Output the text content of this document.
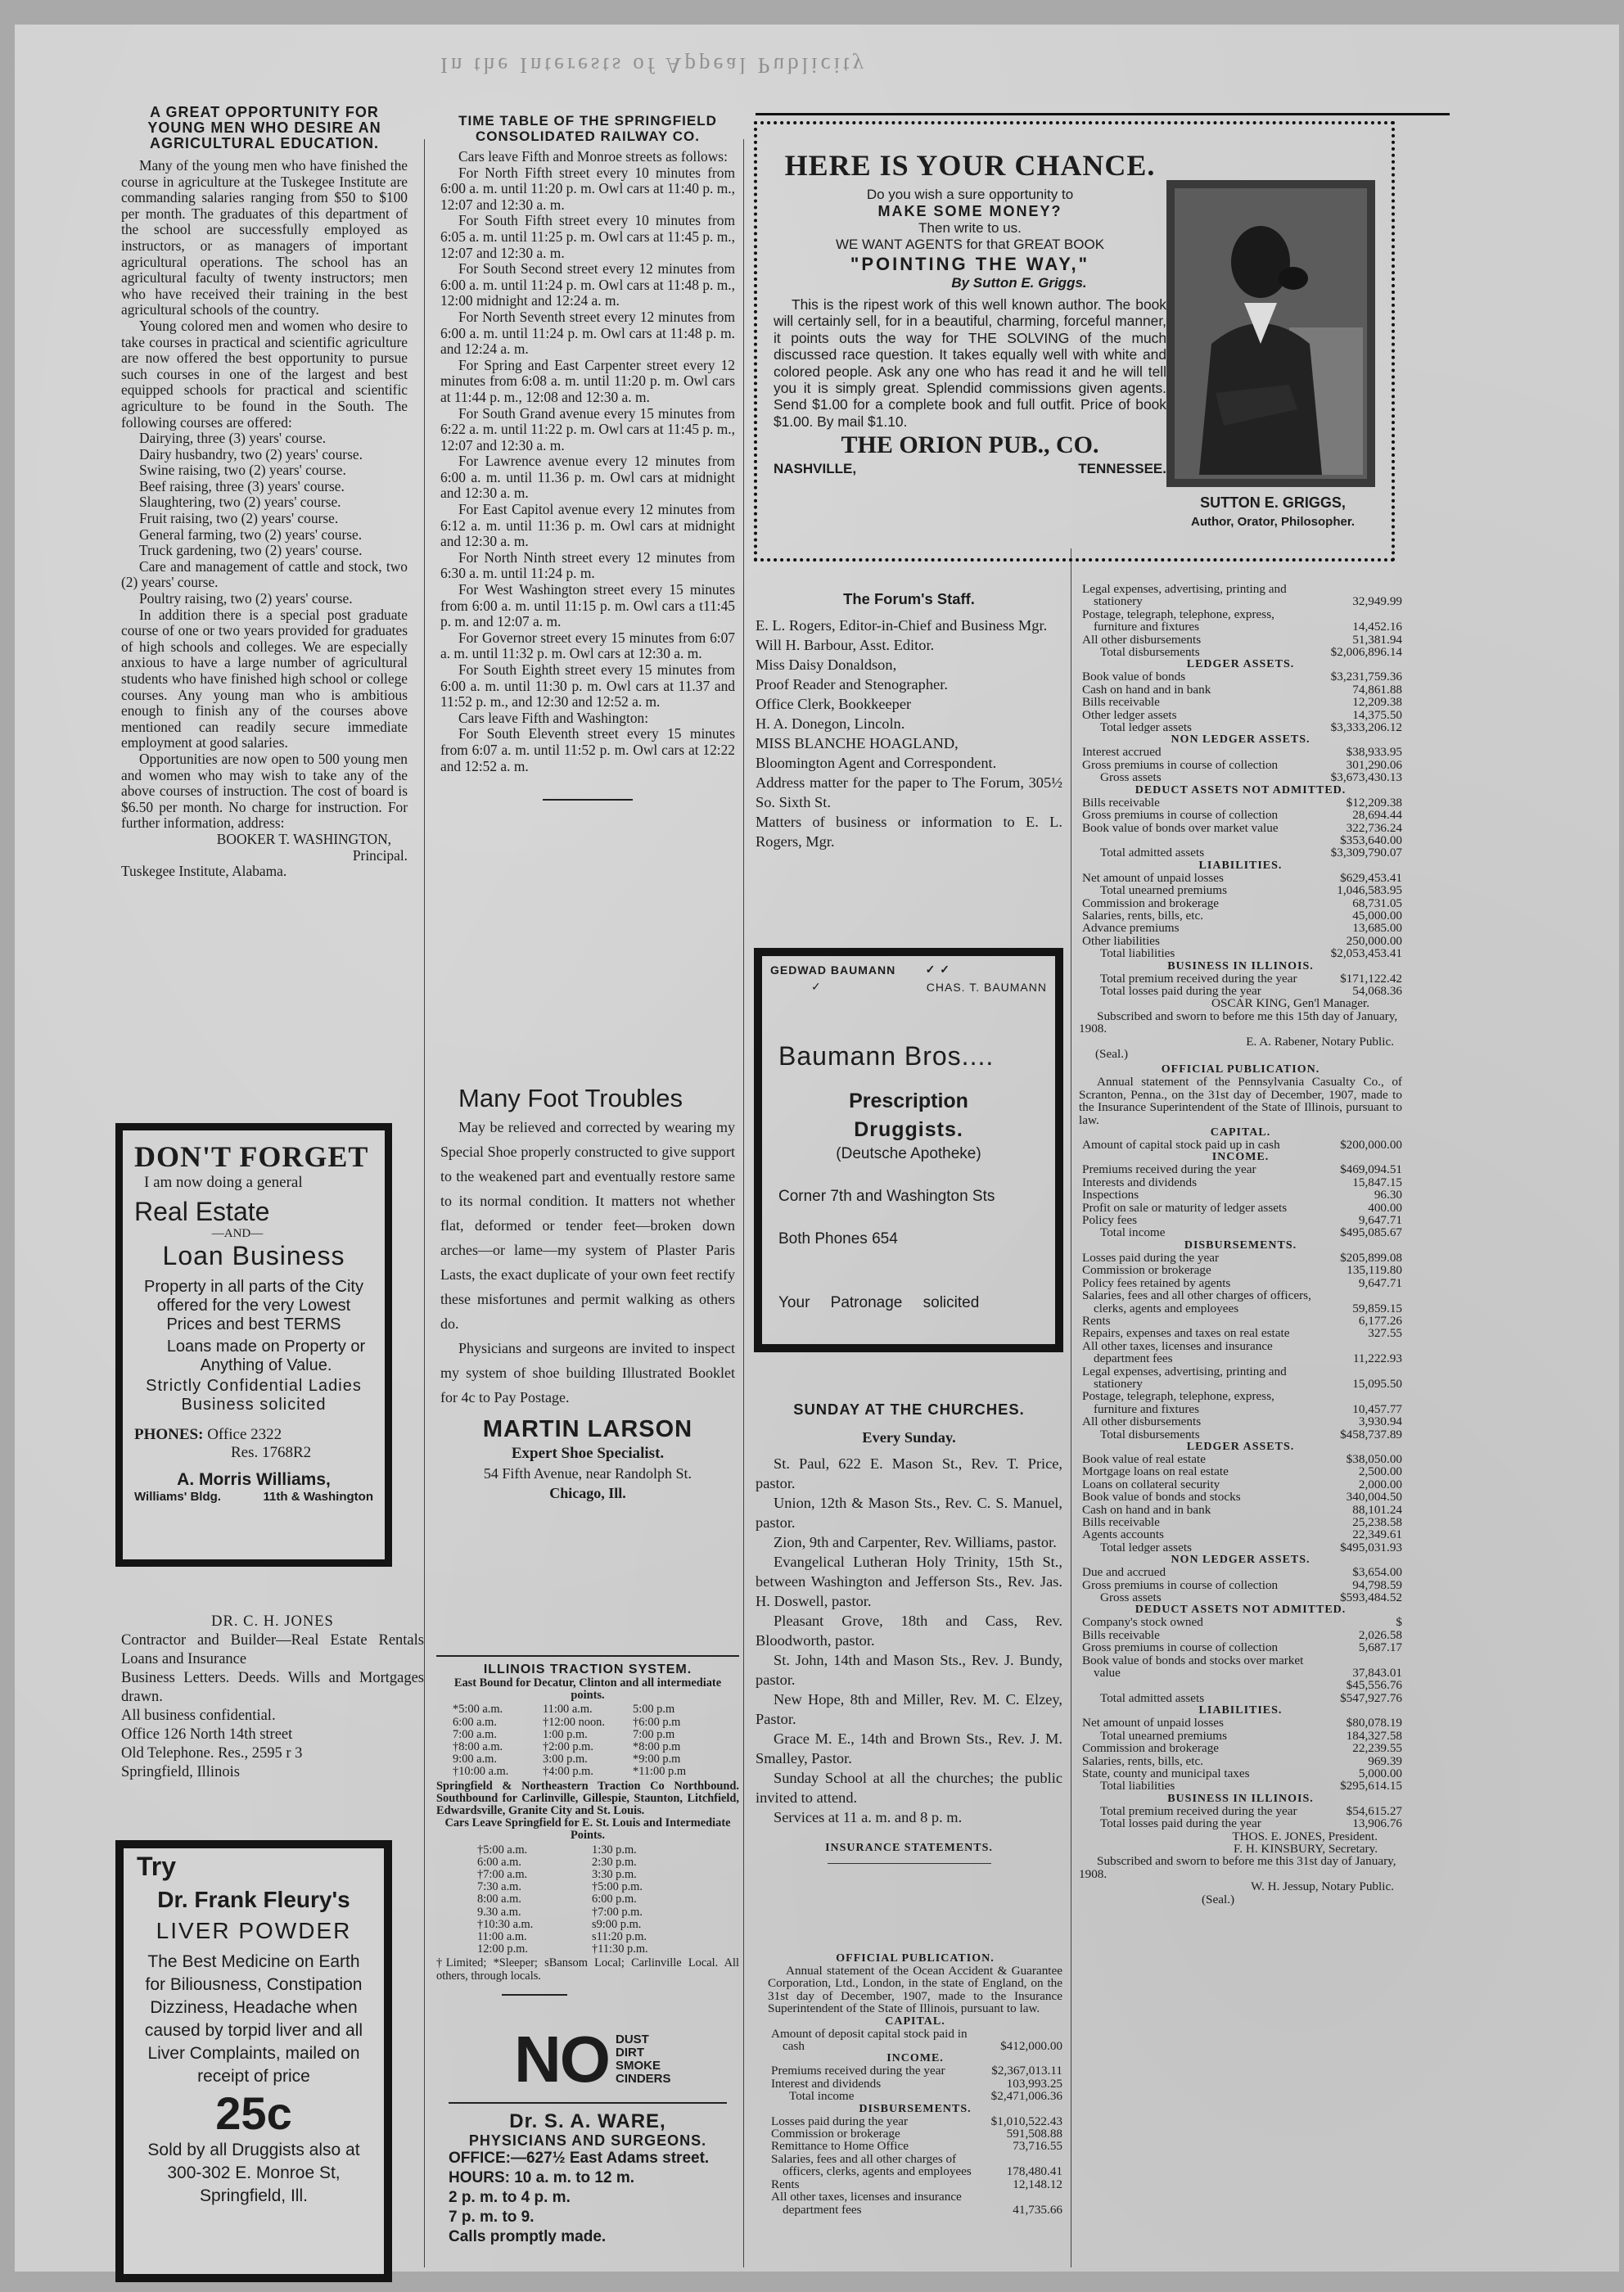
In the Interests of Appeal Publicity
A GREAT OPPORTUNITY FOR YOUNG MEN WHO DESIRE AN AGRICULTURAL EDUCATION.

Many of the young men who have finished the course in agriculture at the Tuskegee Institute are commanding salaries ranging from $50 to $100 per month. The graduates of this department of the school are successfully employed as instructors, or as managers of important agricultural operations. The school has an agricultural faculty of twenty instructors; men who have received their training in the best agricultural schools of the country.

Young colored men and women who desire to take courses in practical and scientific agriculture are now offered the best opportunity to pursue such courses in one of the largest and best equipped schools for practical and scientific agriculture to be found in the South. The following courses are offered:

Dairying, three (3) years' course.

Dairy husbandry, two (2) years' course.

Swine raising, two (2) years' course.

Beef raising, three (3) years' course.

Slaughtering, two (2) years' course.

Fruit raising, two (2) years' course.

General farming, two (2) years' course.

Truck gardening, two (2) years' course.

Care and management of cattle and stock, two (2) years' course.

Poultry raising, two (2) years' course.

In addition there is a special post graduate course of one or two years provided for graduates of high schools and colleges. We are especially anxious to have a large number of agricultural students who have finished high school or college courses. Any young man who is ambitious enough to finish any of the courses above mentioned can readily secure immediate employment at good salaries.

Opportunities are now open to 500 young men and women who may wish to take any of the above courses of instruction. The cost of board is $6.50 per month. No charge for instruction. For further information, address:

BOOKER T. WASHINGTON,
Principal.
Tuskegee Institute, Alabama.
DON'T FORGET
I am now doing a general
Real Estate
—AND—
Loan Business
Property in all parts of the City offered for the very Lowest Prices and best TERMS
Loans made on Property or Anything of Value.
Strictly Confidential Ladies Business solicited
PHONES: Office 2322
Res. 1768R2
A. Morris Williams,
Williams' Bldg.	11th & Washington
DR. C. H. JONES
Contractor and Builder—Real Estate Rentals Loans and Insurance
Business Letters. Deeds. Wills and Mortgages drawn.
All business confidential.
Office 126 North 14th street
Old Telephone. Res., 2595 r 3
Springfield, Illinois
Try
Dr. Frank Fleury's
LIVER POWDER
The Best Medicine on Earth for Biliousness, Constipation Dizziness, Headache when caused by torpid liver and all Liver Complaints, mailed on receipt of price
25c
Sold by all Druggists also at 300-302 E. Monroe St, Springfield, Ill.
TIME TABLE OF THE SPRINGFIELD CONSOLIDATED RAILWAY CO.

Cars leave Fifth and Monroe streets as follows:

For North Fifth street every 10 minutes from 6:00 a. m. until 11:20 p. m. Owl cars at 11:40 p. m., 12:07 and 12:30 a. m.

For South Fifth street every 10 minutes from 6:05 a. m. until 11:25 p. m. Owl cars at 11:45 p. m., 12:07 and 12:30 a. m.

For South Second street every 12 minutes from 6:00 a. m. until 11:24 p. m. Owl cars at 11:48 p. m., 12:00 midnight and 12:24 a. m.

For North Seventh street every 12 minutes from 6:00 a. m. until 11:24 p. m. Owl cars at 11:48 p. m. and 12:24 a. m.

For Spring and East Carpenter street every 12 minutes from 6:08 a. m. until 11:20 p. m. Owl cars at 11:44 p. m., 12:08 and 12:30 a. m.

For South Grand avenue every 15 minutes from 6:22 a. m. until 11:22 p. m. Owl cars at 11:45 p. m., 12:07 and 12:30 a. m.

For Lawrence avenue every 12 minutes from 6:00 a. m. until 11.36 p. m. Owl cars at midnight and 12:30 a. m.

For East Capitol avenue every 12 minutes from 6:12 a. m. until 11:36 p. m. Owl cars at midnight and 12:30 a. m.

For North Ninth street every 12 minutes from 6:30 a. m. until 11:24 p. m.

For West Washington street every 15 minutes from 6:00 a. m. until 11:15 p. m. Owl cars a t11:45 p. m. and 12:07 a. m.

For Governor street every 15 minutes from 6:07 a. m. until 11:32 p. m. Owl cars at 12:30 a. m.

For South Eighth street every 15 minutes from 6:00 a. m. until 11:30 p. m. Owl cars at 11.37 and 11:52 p. m., and 12:30 and 12:52 a. m.

Cars leave Fifth and Washington:

For South Eleventh street every 15 minutes from 6:07 a. m. until 11:52 p. m. Owl cars at 12:22 and 12:52 a. m.

Many Foot Troubles

May be relieved and corrected by wearing my Special Shoe properly constructed to give support to the weakened part and eventually restore same to its normal condition. It matters not whether flat, deformed or tender feet—broken down arches—or lame—my system of Plaster Paris Lasts, the exact duplicate of your own feet rectify these misfortunes and permit walking as others do.

Physicians and surgeons are invited to inspect my system of shoe building Illustrated Booklet for 4c to Pay Postage.

MARTIN LARSON
Expert Shoe Specialist.
54 Fifth Avenue, near Randolph St.
Chicago, Ill.
ILLINOIS TRACTION SYSTEM.
East Bound for Decatur, Clinton and all intermediate points.
*5:00 a.m.	11:00 a.m.	5:00 p.m
6:00 a.m.	†12:00 noon.	†6:00 p.m
7:00 a.m.	1:00 p.m.	7:00 p.m
†8:00 a.m.	†2:00 p.m.	*8:00 p.m
9:00 a.m.	3:00 p.m.	*9:00 p.m
†10:00 a.m.	†4:00 p.m.	*11:00 p.m
Springfield & Northeastern Traction Co Northbound. Southbound for Carlinville, Gillespie, Staunton, Litchfield, Edwardsville, Granite City and St. Louis.
Cars Leave Springfield for E. St. Louis and Intermediate Points.
†5:00 a.m.	1:30 p.m.
6:00 a.m.	2:30 p.m.
†7:00 a.m.	3:30 p.m.
7:30 a.m.	†5:00 p.m.
8:00 a.m.	6:00 p.m.
9.30 a.m.	†7:00 p.m.
†10:30 a.m.	s9:00 p.m.
11:00 a.m.	s11:20 p.m.
12:00 p.m.	†11:30 p.m.
†Limited; *Sleeper; sBansom Local; Carlinville Local. All others, through locals.
NO DUST
DIRT
SMOKE
CINDERS
Dr. S. A. WARE,
PHYSICIANS AND SURGEONS.
OFFICE:—627½ East Adams street.
HOURS: 10 a. m. to 12 m.
2 p. m. to 4 p. m.
7 p. m. to 9.
Calls promptly made.
HERE IS YOUR CHANCE.
Do you wish a sure opportunity to
MAKE SOME MONEY?
Then write to us.
WE WANT AGENTS for that GREAT BOOK
"POINTING THE WAY,"
By Sutton E. Griggs.
This is the ripest work of this well known author. The book will certainly sell, for in a beautiful, charming, forceful manner, it points outs the way for THE SOLVING of the much discussed race question. It takes equally well with white and colored people. Ask any one who has read it and he will tell you it is simply great. Splendid commissions given agents. Send $1.00 for a complete book and full outfit. Price of book $1.00. By mail $1.10.
THE ORION PUB., CO.
NASHVILLE,	TENNESSEE.
SUTTON E. GRIGGS,
Author, Orator, Philosopher.
The Forum's Staff.
E. L. Rogers, Editor-in-Chief and Business Mgr.
Will H. Barbour, Asst. Editor.
Miss Daisy Donaldson,
Proof Reader and Stenographer.
Office Clerk, Bookkeeper
H. A. Donegon, Lincoln.
MISS BLANCHE HOAGLAND,
Bloomington Agent and Correspondent.
Address matter for the paper to The Forum, 305½ So. Sixth St.
Matters of business or information to E. L. Rogers, Mgr.
GEDWAD BAUMANN	✓ ✓
✓	CHAS. T. BAUMANN
Baumann Bros....
Prescription
Druggists.
(Deutsche Apotheke)
Corner 7th and Washington Sts
Both Phones 654
Your Patronage solicited
SUNDAY AT THE CHURCHES.
Every Sunday.

St. Paul, 622 E. Mason St., Rev. T. Price, pastor.

Union, 12th & Mason Sts., Rev. C. S. Manuel, pastor.

Zion, 9th and Carpenter, Rev. Williams, pastor.

Evangelical Lutheran Holy Trinity, 15th St., between Washington and Jefferson Sts., Rev. Jas. H. Doswell, pastor.

Pleasant Grove, 18th and Cass, Rev. Bloodworth, pastor.

St. John, 14th and Mason Sts., Rev. J. Bundy, pastor.

New Hope, 8th and Miller, Rev. M. C. Elzey, Pastor.

Grace M. E., 14th and Brown Sts., Rev. J. M. Smalley, Pastor.

Sunday School at all the churches; the public invited to attend.

Services at 11 a. m. and 8 p. m.

INSURANCE STATEMENTS.
OFFICIAL PUBLICATION.
Annual statement of the Ocean Accident & Guarantee Corporation, Ltd., London, in the state of England, on the 31st day of December, 1907, made to the Insurance Superintendent of the State of Illinois, pursuant to law.
CAPITAL.
Amount of deposit capital stock paid in cash	$412,000.00
INCOME.
Premiums received during the year	$2,367,013.11
Interest and dividends	103,993.25
Total income	$2,471,006.36
DISBURSEMENTS.
Losses paid during the year	$1,010,522.43
Commission or brokerage	591,508.88
Remittance to Home Office	73,716.55
Salaries, fees and all other charges of officers, clerks, agents and employees	178,480.41
Rents	12,148.12
All other taxes, licenses and insurance department fees	41,735.66
Legal expenses, advertising, printing and stationery	32,949.99
Postage, telegraph, telephone, express, furniture and fixtures	14,452.16
All other disbursements	51,381.94
Total disbursements	$2,006,896.14
LEDGER ASSETS.
Book value of bonds	$3,231,759.36
Cash on hand and in bank	74,861.88
Bills receivable	12,209.38
Other ledger assets	14,375.50
Total ledger assets	$3,333,206.12
NON LEDGER ASSETS.
Interest accrued	$38,933.95
Gross premiums in course of collection	301,290.06
Gross assets	$3,673,430.13
DEDUCT ASSETS NOT ADMITTED.
Bills receivable	$12,209.38
Gross premiums in course of collection	28,694.44
Book value of bonds over market value	322,736.24
$353,640.00
Total admitted assets	$3,309,790.07
LIABILITIES.
Net amount of unpaid losses	$629,453.41
Total unearned premiums	1,046,583.95
Commission and brokerage	68,731.05
Salaries, rents, bills, etc.	45,000.00
Advance premiums	13,685.00
Other liabilities	250,000.00
Total liabilities	$2,053,453.41
BUSINESS IN ILLINOIS.
Total premium received during the year	$171,122.42
Total losses paid during the year	54,068.36
OSCAR KING, Gen'l Manager.
Subscribed and sworn to before me this 15th day of January, 1908.
E. A. Rabener, Notary Public.
(Seal.)
OFFICIAL PUBLICATION.
Annual statement of the Pennsylvania Casualty Co., of Scranton, Penna., on the 31st day of December, 1907, made to the Insurance Superintendent of the State of Illinois, pursuant to law.
CAPITAL.
Amount of capital stock paid up in cash	$200,000.00
INCOME.
Premiums received during the year	$469,094.51
Interests and dividends	15,847.15
Inspections	96.30
Profit on sale or maturity of ledger assets	400.00
Policy fees	9,647.71
Total income	$495,085.67
DISBURSEMENTS.
Losses paid during the year	$205,899.08
Commission or brokerage	135,119.80
Policy fees retained by agents	9,647.71
Salaries, fees and all other charges of officers, clerks, agents and employees	59,859.15
Rents	6,177.26
Repairs, expenses and taxes on real estate	327.55
All other taxes, licenses and insurance department fees	11,222.93
Legal expenses, advertising, printing and stationery	15,095.50
Postage, telegraph, telephone, express, furniture and fixtures	10,457.77
All other disbursements	3,930.94
Total disbursements	$458,737.89
LEDGER ASSETS.
Book value of real estate	$38,050.00
Mortgage loans on real estate	2,500.00
Loans on collateral security	2,000.00
Book value of bonds and stocks	340,004.50
Cash on hand and in bank	88,101.24
Bills receivable	25,238.58
Agents accounts	22,349.61
Total ledger assets	$495,031.93
NON LEDGER ASSETS.
Due and accrued	$3,654.00
Gross premiums in course of collection	94,798.59
Gross assets	$593,484.52
DEDUCT ASSETS NOT ADMITTED.
Company's stock owned	$
Bills receivable	2,026.58
Gross premiums in course of collection	5,687.17
Book value of bonds and stocks over market value	37,843.01
$45,556.76
Total admitted assets	$547,927.76
LIABILITIES.
Net amount of unpaid losses	$80,078.19
Total unearned premiums	184,327.58
Commission and brokerage	22,239.55
Salaries, rents, bills, etc.	969.39
State, county and municipal taxes	5,000.00
Total liabilities	$295,614.15
BUSINESS IN ILLINOIS.
Total premium received during the year	$54,615.27
Total losses paid during the year	13,906.76
THOS. E. JONES, President.
F. H. KINSBURY, Secretary.
Subscribed and sworn to before me this 31st day of January, 1908.
W. H. Jessup, Notary Public.
(Seal.)
